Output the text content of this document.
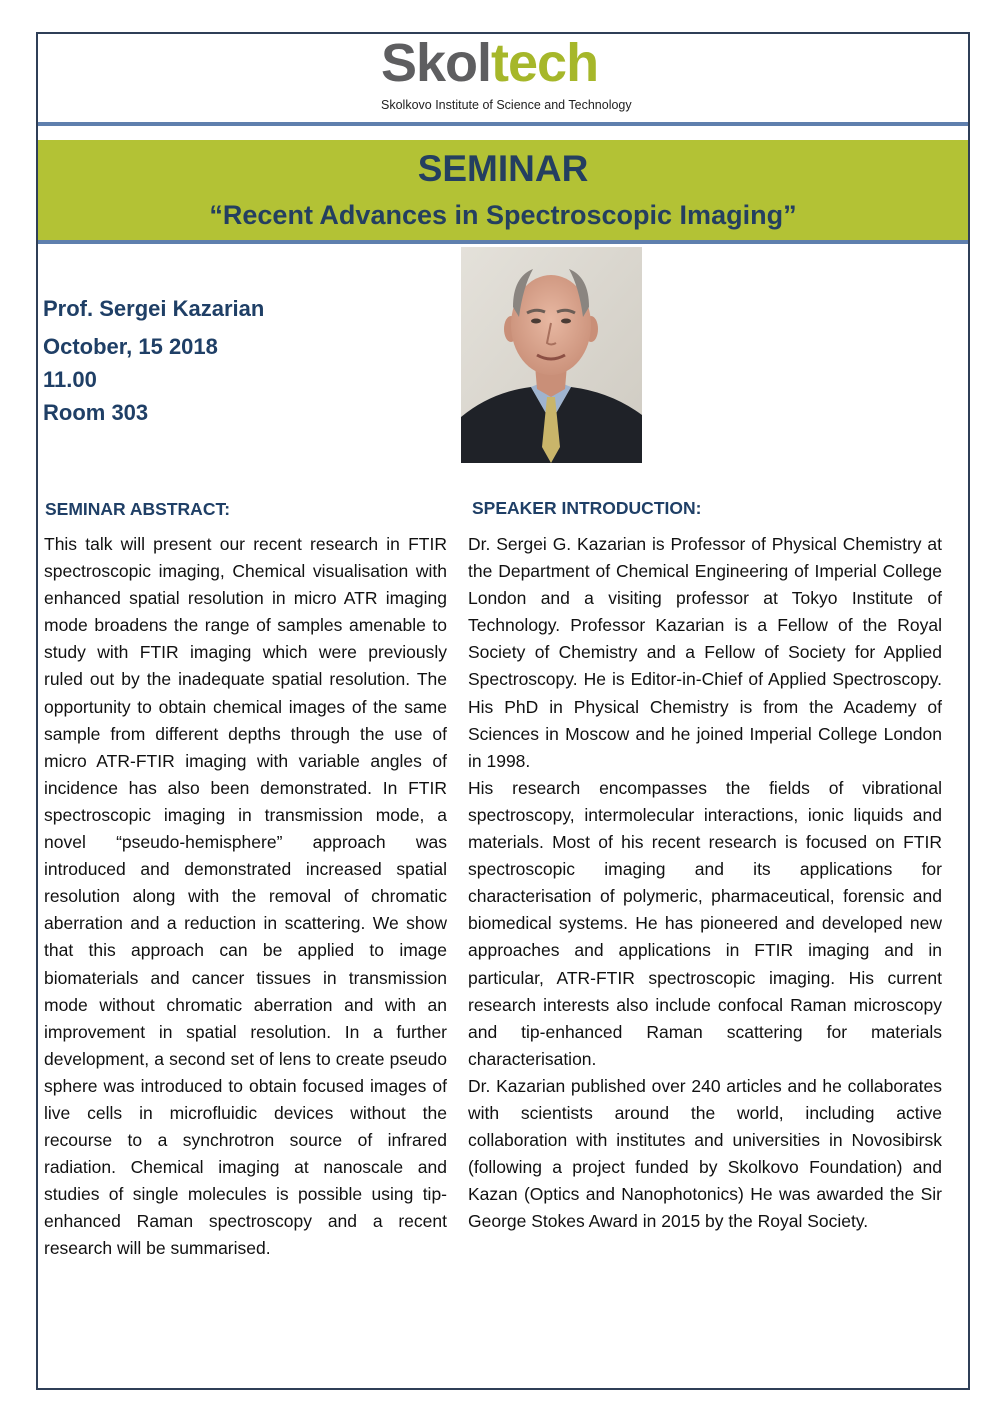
Skoltech
Skolkovo Institute of Science and Technology
SEMINAR
“Recent Advances in Spectroscopic Imaging”
Prof. Sergei Kazarian
October, 15 2018
11.00
Room 303
SEMINAR ABSTRACT:	SPEAKER INTRODUCTION:

This talk will present our recent research in FTIR spectroscopic imaging, Chemical visualisation with enhanced spatial resolution in micro ATR imaging mode broadens the range of samples amenable to study with FTIR imaging which were previously ruled out by the inadequate spatial resolution. The opportunity to obtain chemical images of the same sample from different depths through the use of micro ATR-FTIR imaging with variable angles of incidence has also been demonstrated. In FTIR spectroscopic imaging in transmission mode, a novel “pseudo-hemisphere” approach was introduced and demonstrated increased spatial resolution along with the removal of chromatic aberration and a reduction in scattering. We show that this approach can be applied to image biomaterials and cancer tissues in transmission mode without chromatic aberration and with an improvement in spatial resolution. In a further development, a second set of lens to create pseudo sphere was introduced to obtain focused images of live cells in microfluidic devices without the recourse to a synchrotron source of infrared radiation. Chemical imaging at nanoscale and studies of single molecules is possible using tip-enhanced Raman spectroscopy and a recent research will be summarised.

Dr. Sergei G. Kazarian is Professor of Physical Chemistry at the Department of Chemical Engineering of Imperial College London and a visiting professor at Tokyo Institute of Technology. Professor Kazarian is a Fellow of the Royal Society of Chemistry and a Fellow of Society for Applied Spectroscopy. He is Editor-in-Chief of Applied Spectroscopy. His PhD in Physical Chemistry is from the Academy of Sciences in Moscow and he joined Imperial College London in 1998.

His research encompasses the fields of vibrational spectroscopy, intermolecular interactions, ionic liquids and materials. Most of his recent research is focused on FTIR spectroscopic imaging and its applications for characterisation of polymeric, pharmaceutical, forensic and biomedical systems. He has pioneered and developed new approaches and applications in FTIR imaging and in particular, ATR-FTIR spectroscopic imaging. His current research interests also include confocal Raman microscopy and tip-enhanced Raman scattering for materials characterisation.

Dr. Kazarian published over 240 articles and he collaborates with scientists around the world, including active collaboration with institutes and universities in Novosibirsk (following a project funded by Skolkovo Foundation) and Kazan (Optics and Nanophotonics) He was awarded the Sir George Stokes Award in 2015 by the Royal Society.
